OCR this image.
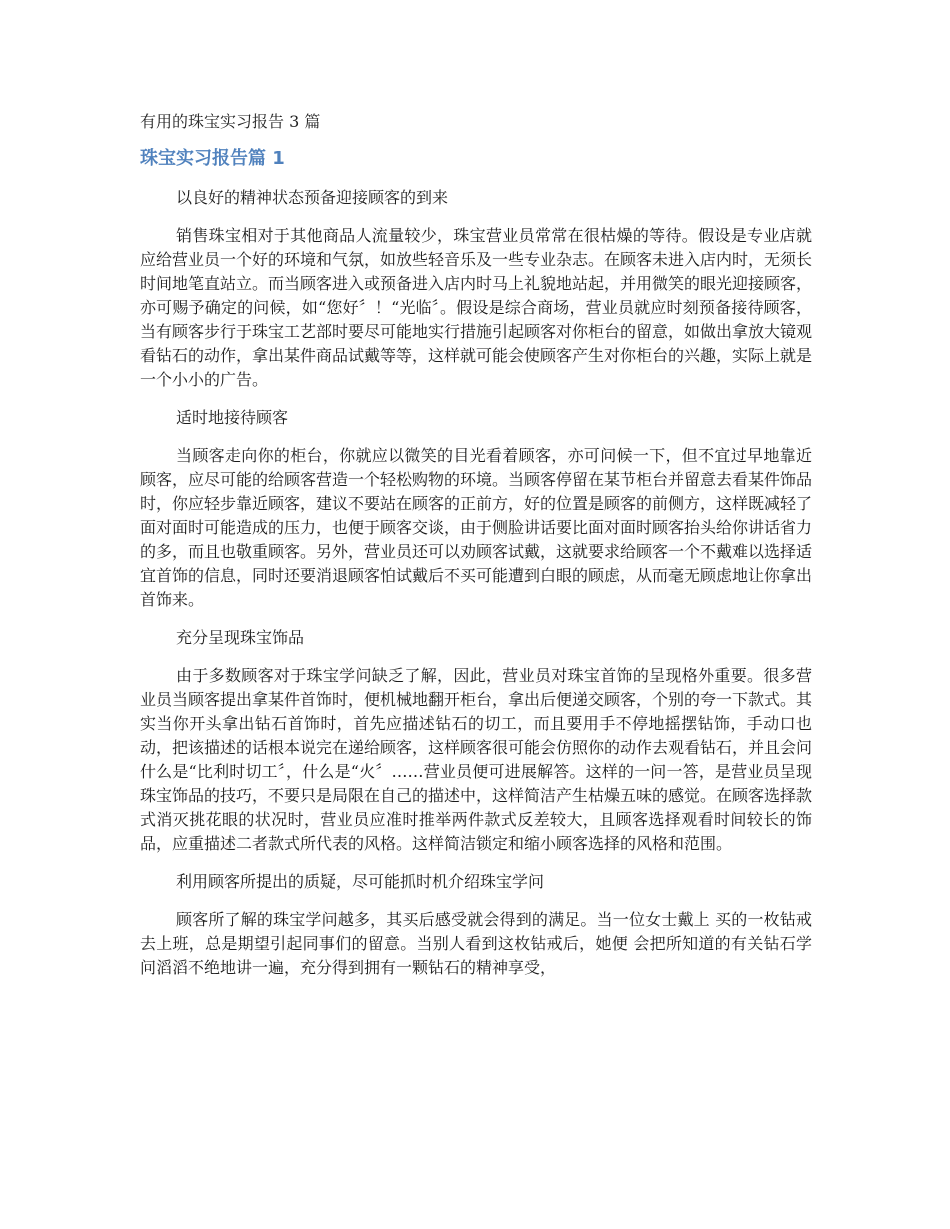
有用的珠宝实习报告 3 篇

珠宝实习报告篇 1

以良好的精神状态预备迎接顾客的到来

销售珠宝相对于其他商品人流量较少，珠宝营业员常常在很枯燥的等待。假设是专业店就应给营业员一个好的环境和气氛，如放些轻音乐及一些专业杂志。在顾客未进入店内时，无须长时间地笔直站立。而当顾客进入或预备进入店内时马上礼貌地站起，并用微笑的眼光迎接顾客，亦可赐予确定的问候，如“您好〞！“光临〞。假设是综合商场，营业员就应时刻预备接待顾客，当有顾客步行于珠宝工艺部时要尽可能地实行措施引起顾客对你柜台的留意，如做出拿放大镜观看钻石的动作，拿出某件商品试戴等等，这样就可能会使顾客产生对你柜台的兴趣，实际上就是一个小小的广告。

适时地接待顾客

当顾客走向你的柜台，你就应以微笑的目光看着顾客，亦可问候一下，但不宜过早地靠近顾客，应尽可能的给顾客营造一个轻松购物的环境。当顾客停留在某节柜台并留意去看某件饰品时，你应轻步靠近顾客，建议不要站在顾客的正前方，好的位置是顾客的前侧方，这样既减轻了面对面时可能造成的压力，也便于顾客交谈，由于侧脸讲话要比面对面时顾客抬头给你讲话省力的多，而且也敬重顾客。另外，营业员还可以劝顾客试戴，这就要求给顾客一个不戴难以选择适宜首饰的信息，同时还要消退顾客怕试戴后不买可能遭到白眼的顾虑，从而毫无顾虑地让你拿出首饰来。

充分呈现珠宝饰品

由于多数顾客对于珠宝学问缺乏了解，因此，营业员对珠宝首饰的呈现格外重要。很多营业员当顾客提出拿某件首饰时，便机械地翻开柜台，拿出后便递交顾客，个别的夸一下款式。其实当你开头拿出钻石首饰时，首先应描述钻石的切工，而且要用手不停地摇摆钻饰，手动口也动，把该描述的话根本说完在递给顾客，这样顾客很可能会仿照你的动作去观看钻石，并且会问什么是“比利时切工〞，什么是“火〞……营业员便可进展解答。这样的一问一答，是营业员呈现珠宝饰品的技巧，不要只是局限在自己的描述中，这样简洁产生枯燥五味的感觉。在顾客选择款式消灭挑花眼的状况时，营业员应准时推举两件款式反差较大，且顾客选择观看时间较长的饰品，应重描述二者款式所代表的风格。这样简洁锁定和缩小顾客选择的风格和范围。

利用顾客所提出的质疑，尽可能抓时机介绍珠宝学问

顾客所了解的珠宝学问越多，其买后感受就会得到的满足。当一位女士戴上 买的一枚钻戒去上班，总是期望引起同事们的留意。当别人看到这枚钻戒后，她便 会把所知道的有关钻石学问滔滔不绝地讲一遍，充分得到拥有一颗钻石的精神享受，
